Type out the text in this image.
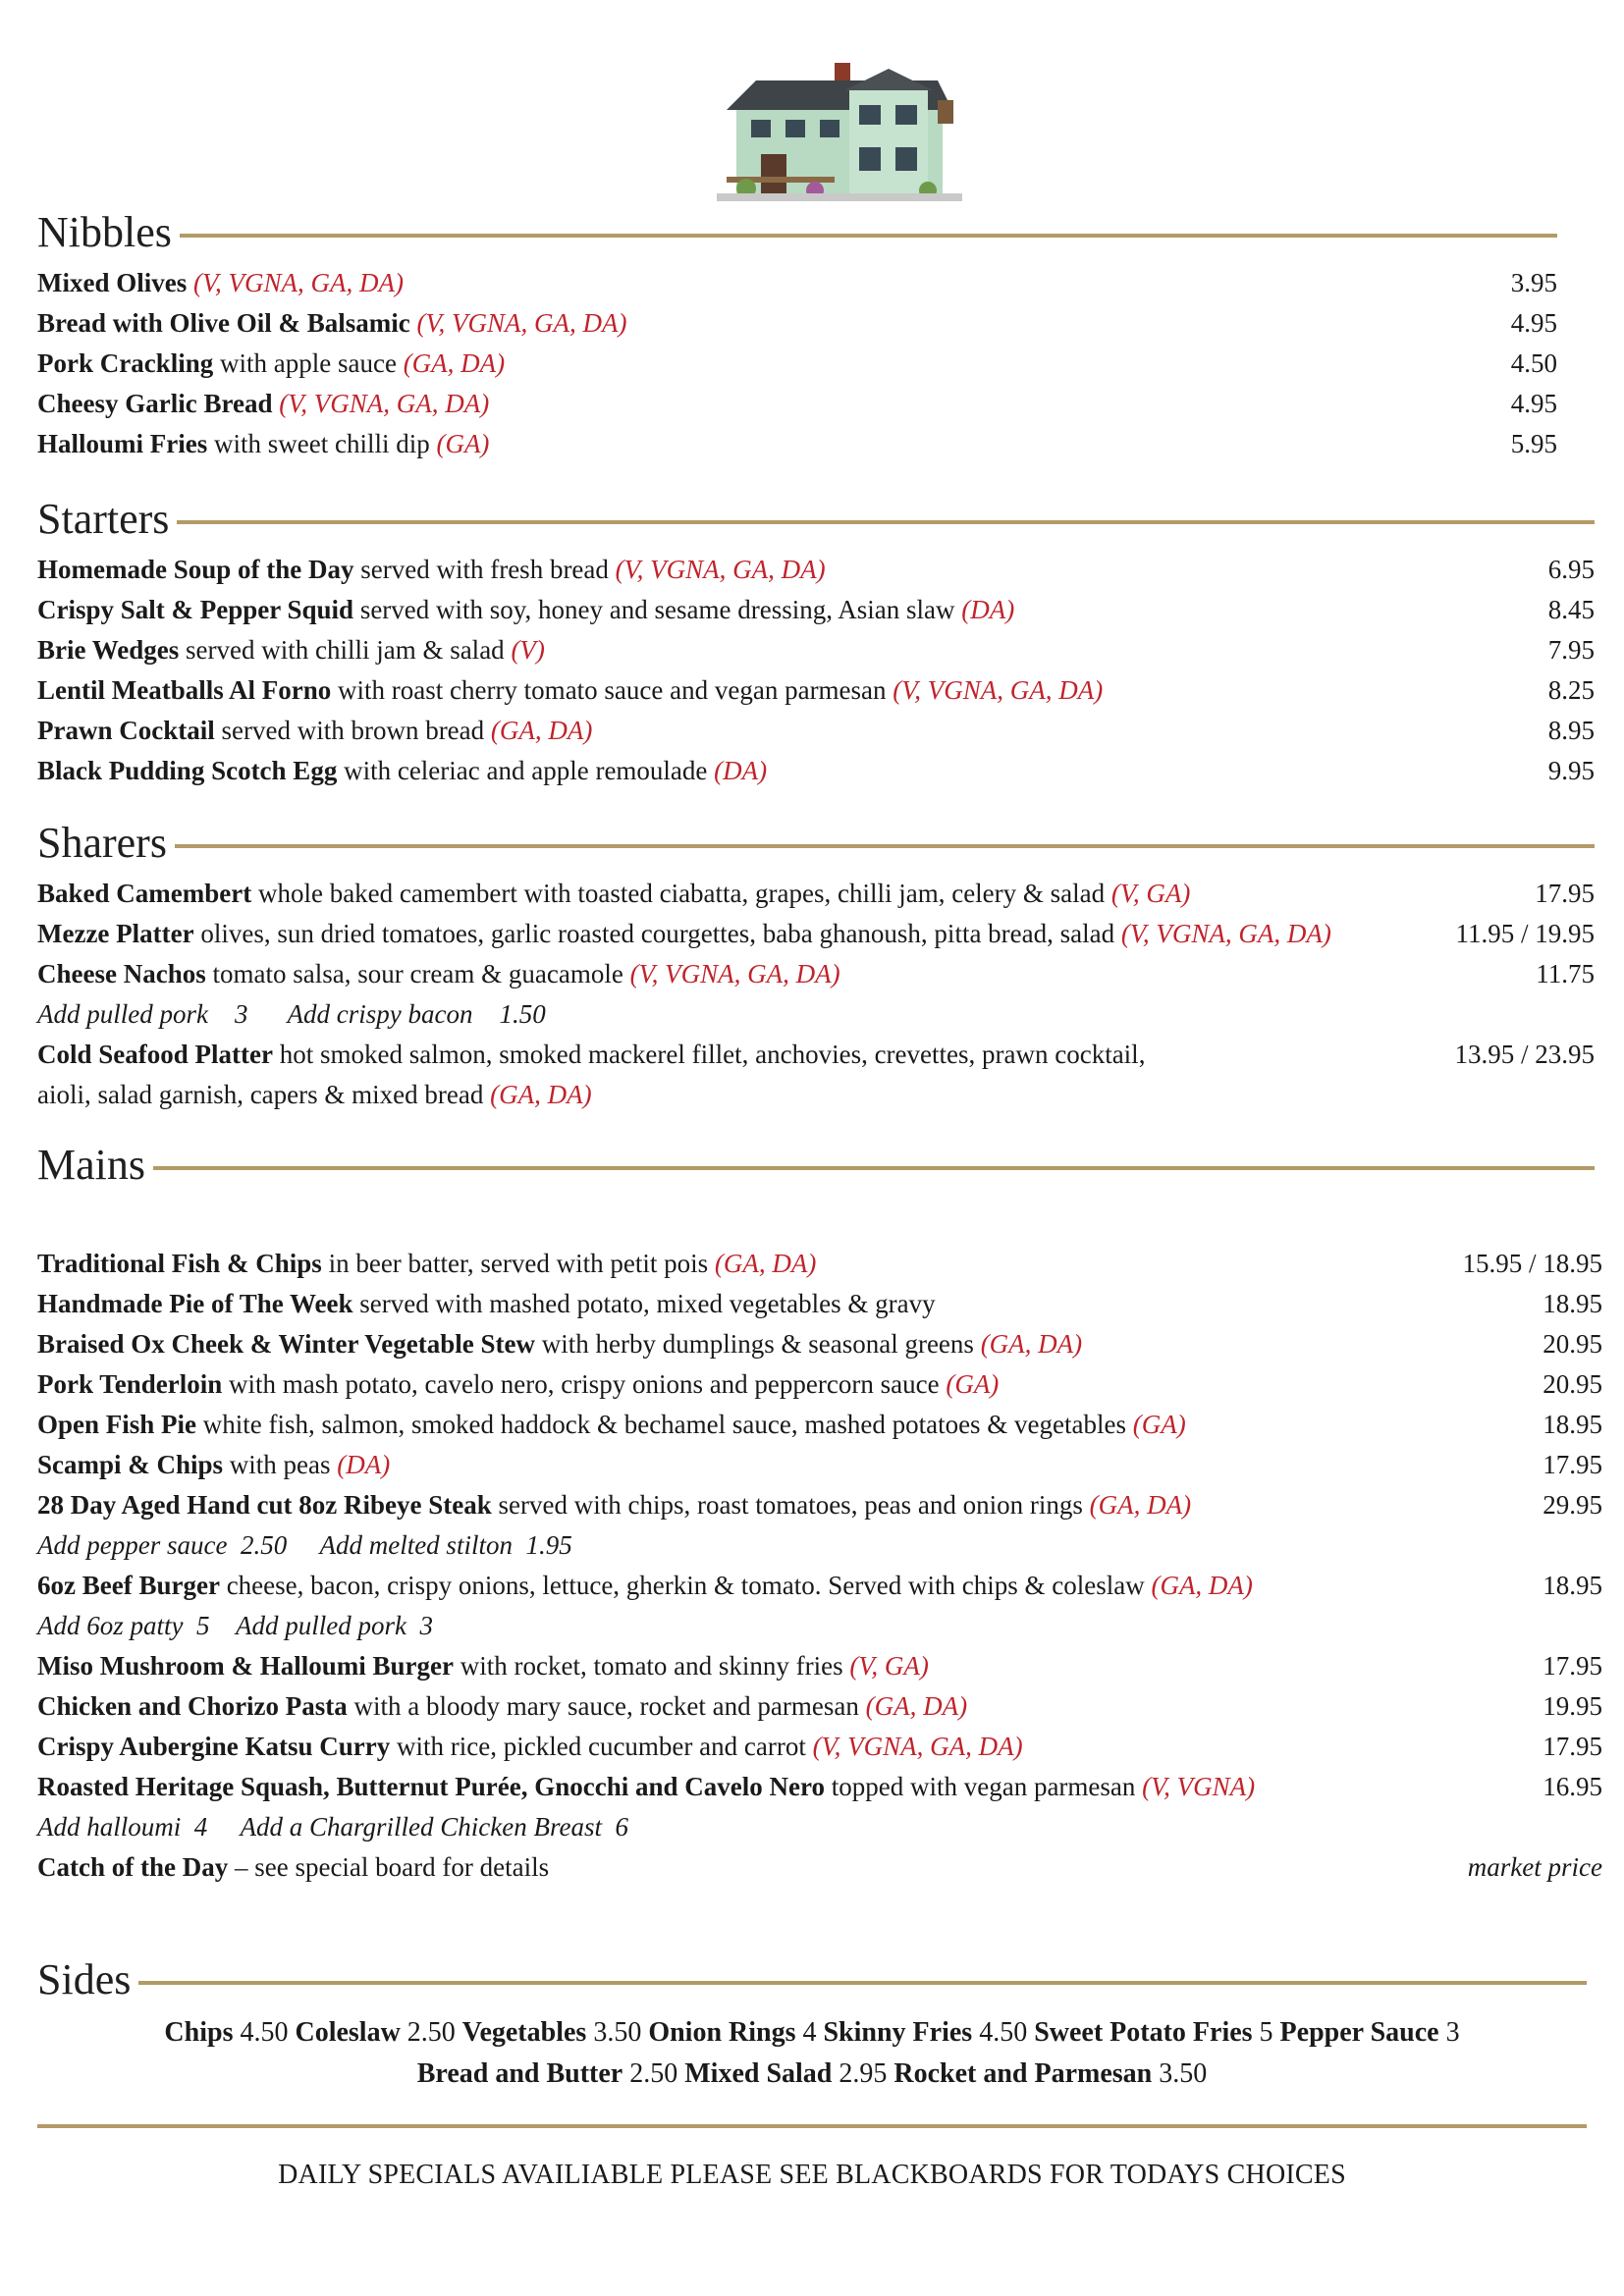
Nibbles
Mixed Olives (V, VGNA, GA, DA)	3.95
Bread with Olive Oil & Balsamic (V, VGNA, GA, DA)	4.95
Pork Crackling with apple sauce (GA, DA)	4.50
Cheesy Garlic Bread (V, VGNA, GA, DA)	4.95
Halloumi Fries with sweet chilli dip (GA)	5.95
Starters
Homemade Soup of the Day served with fresh bread (V, VGNA, GA, DA)	6.95
Crispy Salt & Pepper Squid served with soy, honey and sesame dressing, Asian slaw (DA)	8.45
Brie Wedges served with chilli jam & salad (V)	7.95
Lentil Meatballs Al Forno with roast cherry tomato sauce and vegan parmesan (V, VGNA, GA, DA)	8.25
Prawn Cocktail served with brown bread (GA, DA)	8.95
Black Pudding Scotch Egg with celeriac and apple remoulade (DA)	9.95
Sharers
Baked Camembert whole baked camembert with toasted ciabatta, grapes, chilli jam, celery & salad (V, GA)	17.95
Mezze Platter olives, sun dried tomatoes, garlic roasted courgettes, baba ghanoush, pitta bread, salad (V, VGNA, GA, DA)	11.95 / 19.95
Cheese Nachos tomato salsa, sour cream & guacamole (V, VGNA, GA, DA)	11.75
Add pulled pork 3 Add crispy bacon 1.50
Cold Seafood Platter hot smoked salmon, smoked mackerel fillet, anchovies, crevettes, prawn cocktail,	13.95 / 23.95
aioli, salad garnish, capers & mixed bread (GA, DA)
Mains
Traditional Fish & Chips in beer batter, served with petit pois (GA, DA)	15.95 / 18.95
Handmade Pie of The Week served with mashed potato, mixed vegetables & gravy	18.95
Braised Ox Cheek & Winter Vegetable Stew with herby dumplings & seasonal greens (GA, DA)	20.95
Pork Tenderloin with mash potato, cavelo nero, crispy onions and peppercorn sauce (GA)	20.95
Open Fish Pie white fish, salmon, smoked haddock & bechamel sauce, mashed potatoes & vegetables (GA)	18.95
Scampi & Chips with peas (DA)	17.95
28 Day Aged Hand cut 8oz Ribeye Steak served with chips, roast tomatoes, peas and onion rings (GA, DA)	29.95
Add pepper sauce 2.50 Add melted stilton 1.95
6oz Beef Burger cheese, bacon, crispy onions, lettuce, gherkin & tomato. Served with chips & coleslaw (GA, DA)	18.95
Add 6oz patty 5 Add pulled pork 3
Miso Mushroom & Halloumi Burger with rocket, tomato and skinny fries (V, GA)	17.95
Chicken and Chorizo Pasta with a bloody mary sauce, rocket and parmesan (GA, DA)	19.95
Crispy Aubergine Katsu Curry with rice, pickled cucumber and carrot (V, VGNA, GA, DA)	17.95
Roasted Heritage Squash, Butternut Purée, Gnocchi and Cavelo Nero topped with vegan parmesan (V, VGNA)	16.95
Add halloumi 4 Add a Chargrilled Chicken Breast 6
Catch of the Day – see special board for details	market price
Sides
Chips 4.50 Coleslaw 2.50 Vegetables 3.50 Onion Rings 4 Skinny Fries 4.50 Sweet Potato Fries 5 Pepper Sauce 3
Bread and Butter 2.50 Mixed Salad 2.95 Rocket and Parmesan 3.50
DAILY SPECIALS AVAILIABLE PLEASE SEE BLACKBOARDS FOR TODAYS CHOICES
